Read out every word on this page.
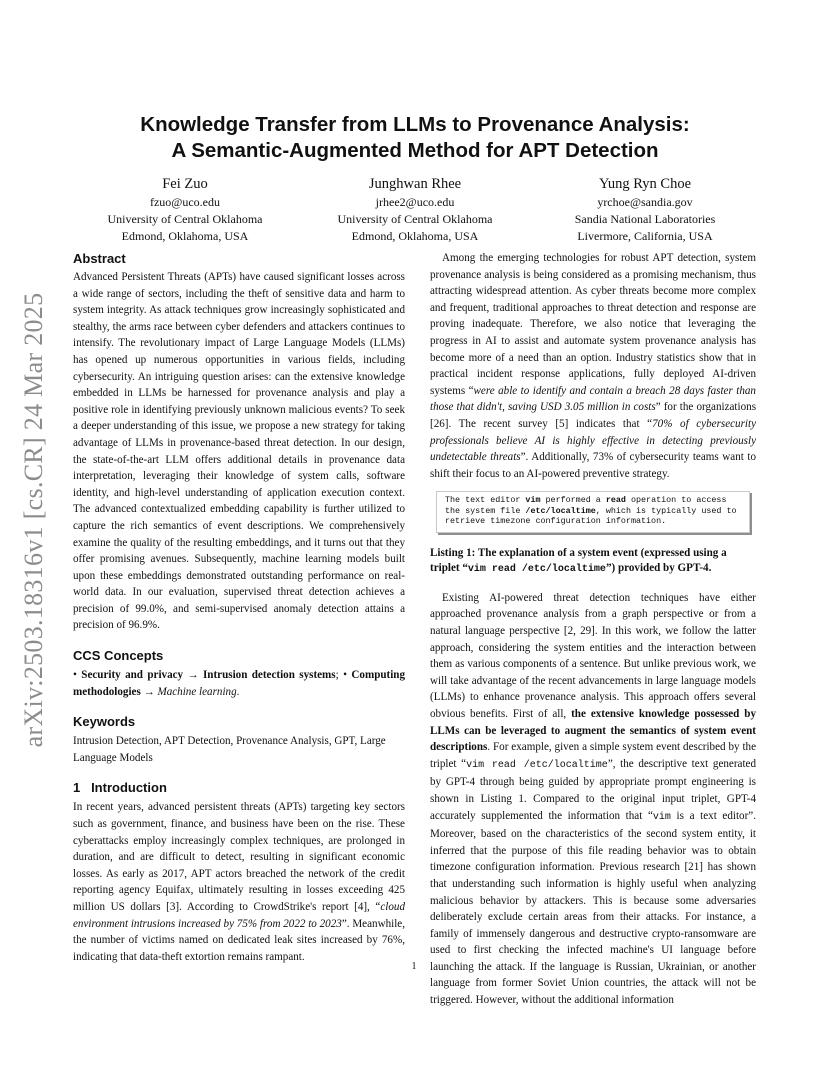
arXiv:2503.18316v1 [cs.CR] 24 Mar 2025
Knowledge Transfer from LLMs to Provenance Analysis:
A Semantic-Augmented Method for APT Detection
Fei Zuo
fzuo@uco.edu
University of Central Oklahoma
Edmond, Oklahoma, USA
Junghwan Rhee
jrhee2@uco.edu
University of Central Oklahoma
Edmond, Oklahoma, USA
Yung Ryn Choe
yrchoe@sandia.gov
Sandia National Laboratories
Livermore, California, USA
Abstract

Advanced Persistent Threats (APTs) have caused significant losses across a wide range of sectors, including the theft of sensitive data and harm to system integrity. As attack techniques grow increasingly sophisticated and stealthy, the arms race between cyber defenders and attackers continues to intensify. The revolutionary impact of Large Language Models (LLMs) has opened up numerous opportunities in various fields, including cybersecurity. An intriguing question arises: can the extensive knowledge embedded in LLMs be harnessed for provenance analysis and play a positive role in identifying previously unknown malicious events? To seek a deeper understanding of this issue, we propose a new strategy for taking advantage of LLMs in provenance-based threat detection. In our design, the state-of-the-art LLM offers additional details in provenance data interpretation, leveraging their knowledge of system calls, software identity, and high-level understanding of application execution context. The advanced contextualized embedding capability is further utilized to capture the rich semantics of event descriptions. We comprehensively examine the quality of the resulting embeddings, and it turns out that they offer promising avenues. Subsequently, machine learning models built upon these embeddings demonstrated outstanding performance on real-world data. In our evaluation, supervised threat detection achieves a precision of 99.0%, and semi-supervised anomaly detection attains a precision of 96.9%.

CCS Concepts

• Security and privacy → Intrusion detection systems; • Computing methodologies → Machine learning.

Keywords

Intrusion Detection, APT Detection, Provenance Analysis, GPT, Large Language Models

1   Introduction

In recent years, advanced persistent threats (APTs) targeting key sectors such as government, finance, and business have been on the rise. These cyberattacks employ increasingly complex techniques, are prolonged in duration, and are difficult to detect, resulting in significant economic losses. As early as 2017, APT actors breached the network of the credit reporting agency Equifax, ultimately resulting in losses exceeding 425 million US dollars [3]. According to CrowdStrike's report [4], “cloud environment intrusions increased by 75% from 2022 to 2023”. Meanwhile, the number of victims named on dedicated leak sites increased by 76%, indicating that data-theft extortion remains rampant.

Among the emerging technologies for robust APT detection, system provenance analysis is being considered as a promising mechanism, thus attracting widespread attention. As cyber threats become more complex and frequent, traditional approaches to threat detection and response are proving inadequate. Therefore, we also notice that leveraging the progress in AI to assist and automate system provenance analysis has become more of a need than an option. Industry statistics show that in practical incident response applications, fully deployed AI-driven systems “were able to identify and contain a breach 28 days faster than those that didn't, saving USD 3.05 million in costs” for the organizations [26]. The recent survey [5] indicates that “70% of cybersecurity professionals believe AI is highly effective in detecting previously undetectable threats”. Additionally, 73% of cybersecurity teams want to shift their focus to an AI-powered preventive strategy.

The text editor vim performed a read operation to access the system file /etc/localtime, which is typically used to retrieve timezone configuration information.

Listing 1: The explanation of a system event (expressed using a triplet “vim read /etc/localtime”) provided by GPT-4.

Existing AI-powered threat detection techniques have either approached provenance analysis from a graph perspective or from a natural language perspective [2, 29]. In this work, we follow the latter approach, considering the system entities and the interaction between them as various components of a sentence. But unlike previous work, we will take advantage of the recent advancements in large language models (LLMs) to enhance provenance analysis. This approach offers several obvious benefits. First of all, the extensive knowledge possessed by LLMs can be leveraged to augment the semantics of system event descriptions. For example, given a simple system event described by the triplet “vim read /etc/localtime”, the descriptive text generated by GPT-4 through being guided by appropriate prompt engineering is shown in Listing 1. Compared to the original input triplet, GPT-4 accurately supplemented the information that “vim is a text editor”. Moreover, based on the characteristics of the second system entity, it inferred that the purpose of this file reading behavior was to obtain timezone configuration information. Previous research [21] has shown that understanding such information is highly useful when analyzing malicious behavior by attackers. This is because some adversaries deliberately exclude certain areas from their attacks. For instance, a family of immensely dangerous and destructive crypto-ransomware are used to first checking the infected machine's UI language before launching the attack. If the language is Russian, Ukrainian, or another language from former Soviet Union countries, the attack will not be triggered. However, without the additional information

1
